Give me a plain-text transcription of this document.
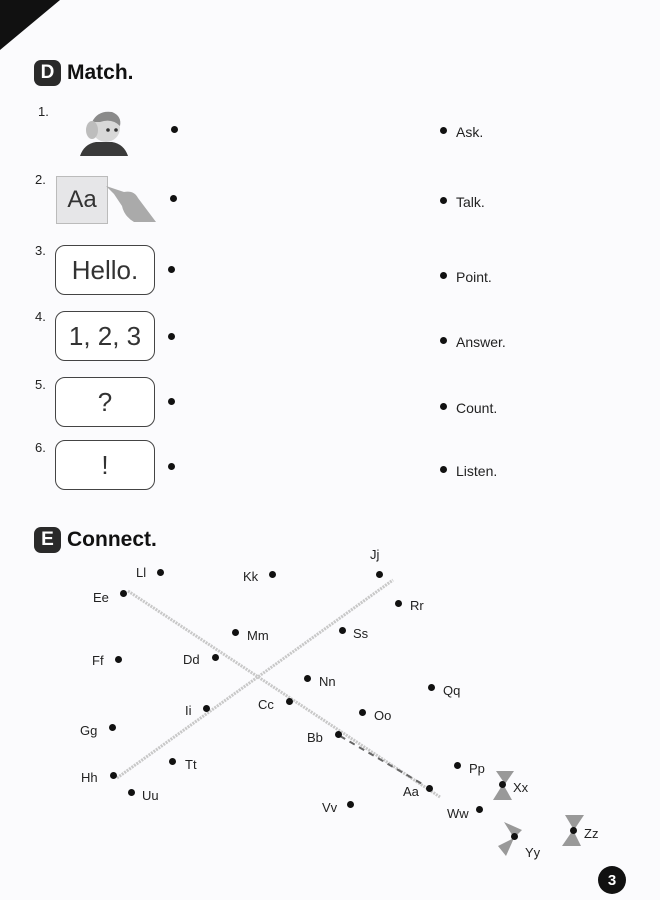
D Match.
1.
2.
Aa
3.
Hello.
4.
1, 2, 3
5.
?
6.
!
Ask.
Talk.
Point.
Answer.
Count.
Listen.
E Connect.
Ll	Kk
Jj
Ee
Rr
Mm	Ss
Ff	Dd
Nn
Qq
Ii	Cc
Oo
Gg	Bb
Tt	Pp
Hh
Xx
Aa
Uu
Vv	Ww
Zz
Yy
3
